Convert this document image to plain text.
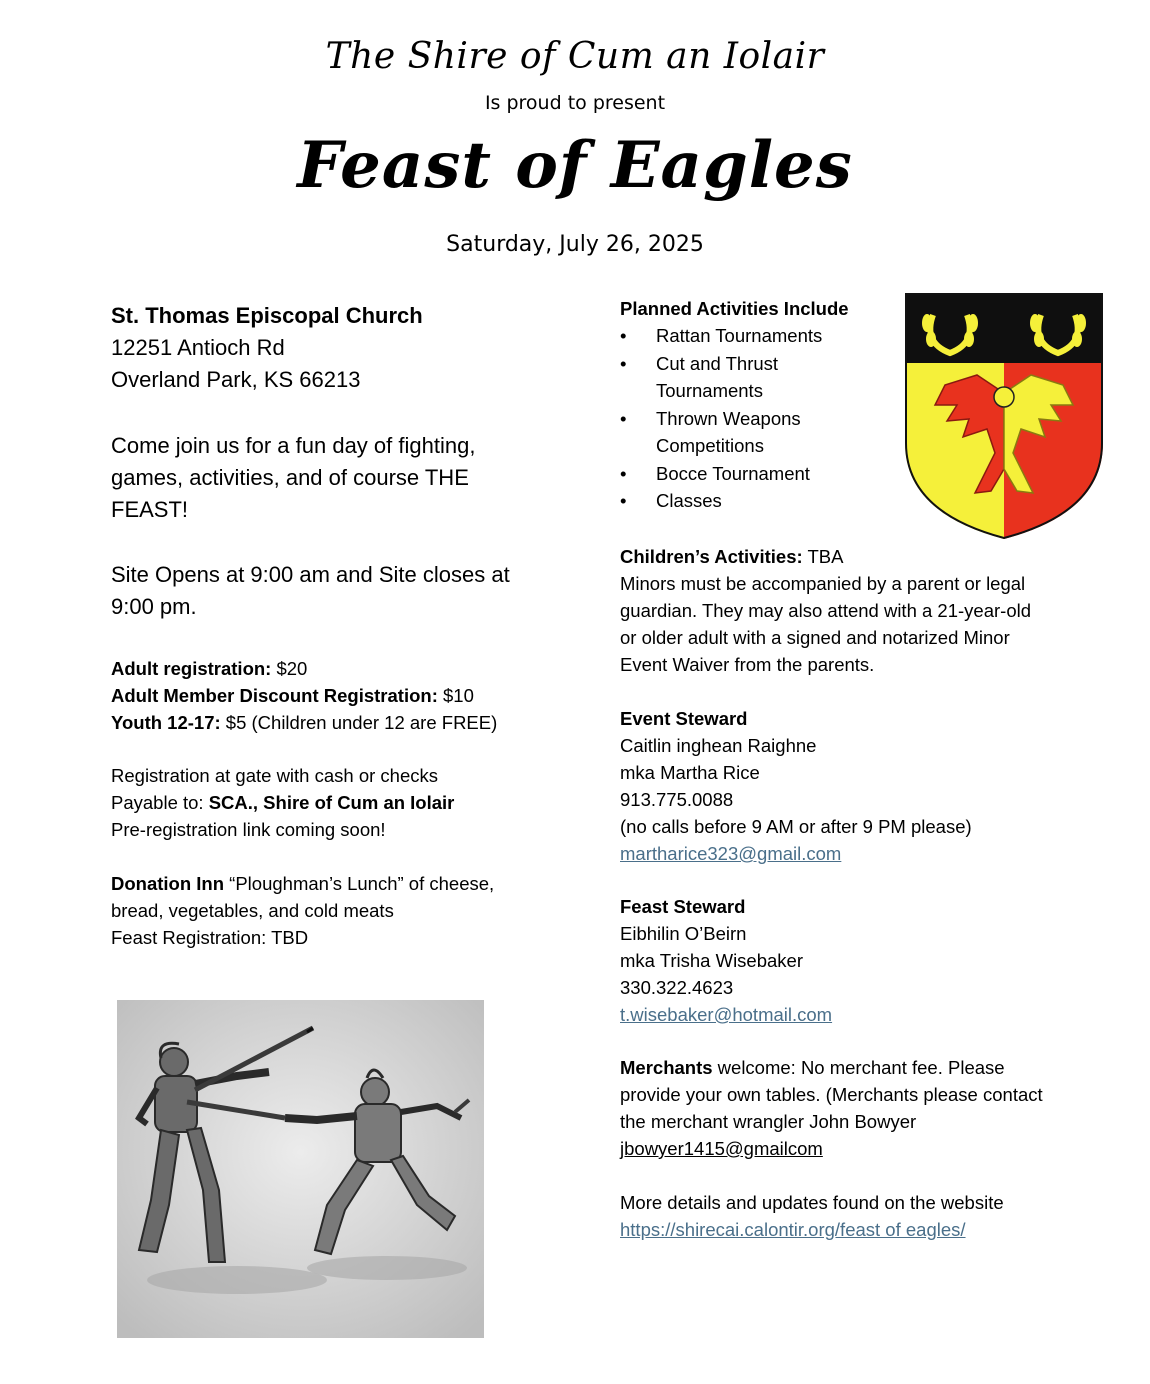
The Shire of Cum an Iolair
Is proud to present
Feast of Eagles
Saturday, July 26, 2025
St. Thomas Episcopal Church
12251 Antioch Rd
Overland Park, KS 66213
Come join us for a fun day of fighting, games, activities, and of course THE FEAST!
Site Opens at 9:00 am and Site closes at 9:00 pm.
Adult registration: $20
Adult Member Discount Registration: $10
Youth 12-17: $5 (Children under 12 are FREE)
Registration at gate with cash or checks
Payable to: SCA., Shire of Cum an Iolair
Pre-registration link coming soon!
Donation Inn “Ploughman’s Lunch” of cheese, bread, vegetables, and cold meats
Feast Registration: TBD
Planned Activities Include
• Rattan Tournaments
• Cut and Thrust Tournaments
• Thrown Weapons Competitions
• Bocce Tournament
• Classes
Children’s Activities: TBA
Minors must be accompanied by a parent or legal guardian. They may also attend with a 21-year-old or older adult with a signed and notarized Minor Event Waiver from the parents.
Event Steward
Caitlin inghean Raighne
mka Martha Rice
913.775.0088
(no calls before 9 AM or after 9 PM please)
martharice323@gmail.com
Feast Steward
Eibhilin O’Beirn
mka Trisha Wisebaker
330.322.4623
t.wisebaker@hotmail.com
Merchants welcome: No merchant fee. Please provide your own tables. (Merchants please contact the merchant wrangler John Bowyer
jbowyer1415@gmailcom
More details and updates found on the website
https://shirecai.calontir.org/feast of eagles/
